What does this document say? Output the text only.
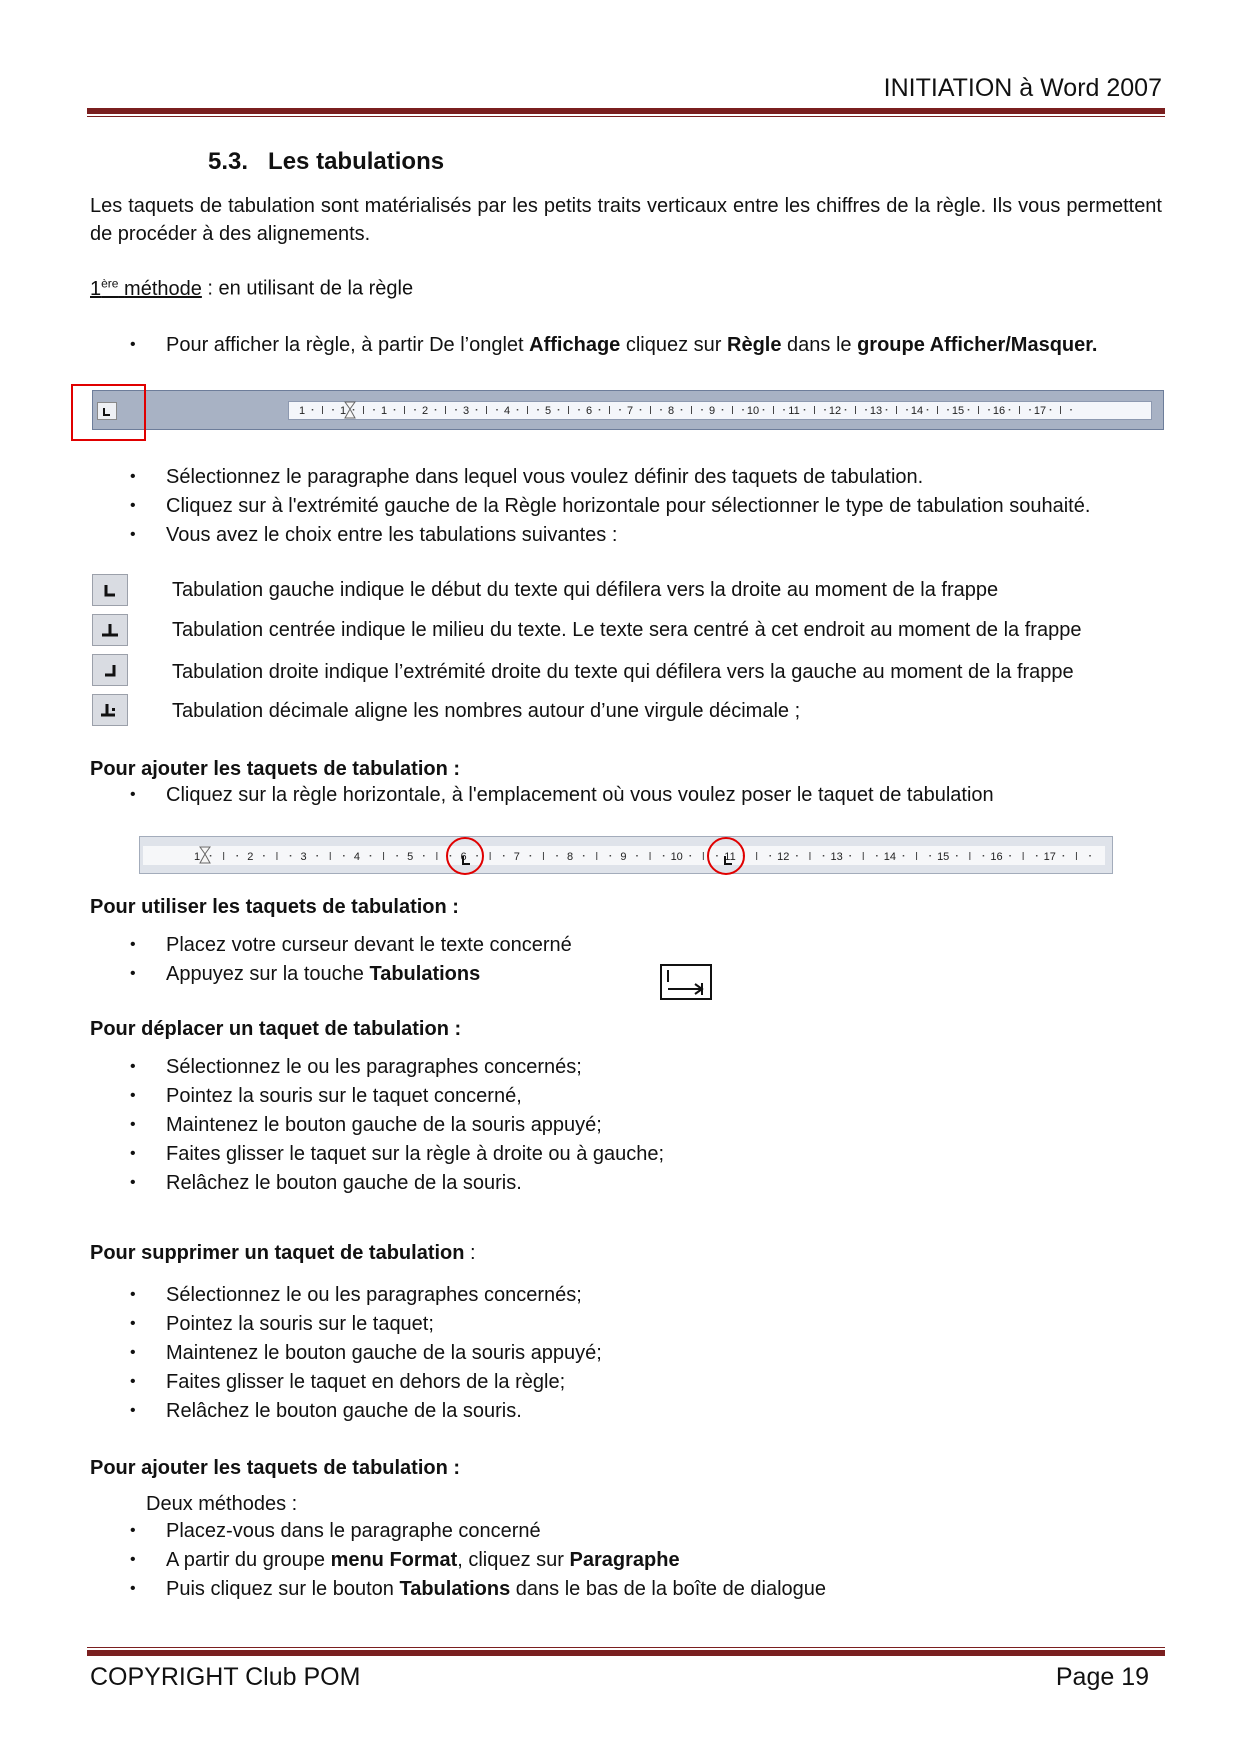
INITIATION à Word 2007
5.3. Les tabulations
Les taquets de tabulation sont matérialisés par les petits traits verticaux entre les chiffres de la règle. Ils vous permettent de procéder à des alignements.
1ère méthode : en utilisant de la règle
• Pour afficher la règle, à partir De l’onglet Affichage cliquez sur Règle dans le groupe Afficher/Masquer.
1	1	1	2	3	4	5	6	7	8	9	10	11	12	13	14	15	16	17
• Sélectionnez le paragraphe dans lequel vous voulez définir des taquets de tabulation.
• Cliquez sur à l'extrémité gauche de la Règle horizontale pour sélectionner le type de tabulation souhaité.
• Vous avez le choix entre les tabulations suivantes :
Tabulation gauche indique le début du texte qui défilera vers la droite au moment de la frappe
Tabulation centrée indique le milieu du texte. Le texte sera centré à cet endroit au moment de la frappe
Tabulation droite indique l’extrémité droite du texte qui défilera vers la gauche au moment de la frappe
Tabulation décimale aligne les nombres autour d’une virgule décimale ;
Pour ajouter les taquets de tabulation :
• Cliquez sur la règle horizontale, à l'emplacement où vous voulez poser le taquet de tabulation
1	2	3	4	5	6	7	8	9	10	11	12	13	14	15	16	17
Pour utiliser les taquets de tabulation :
• Placez votre curseur devant le texte concerné
• Appuyez sur la touche Tabulations
Pour déplacer un taquet de tabulation :
• Sélectionnez le ou les paragraphes concernés;
• Pointez la souris sur le taquet concerné,
• Maintenez le bouton gauche de la souris appuyé;
• Faites glisser le taquet sur la règle à droite ou à gauche;
• Relâchez le bouton gauche de la souris.
Pour supprimer un taquet de tabulation :
• Sélectionnez le ou les paragraphes concernés;
• Pointez la souris sur le taquet;
• Maintenez le bouton gauche de la souris appuyé;
• Faites glisser le taquet en dehors de la règle;
• Relâchez le bouton gauche de la souris.
Pour ajouter les taquets de tabulation :
Deux méthodes :
• Placez-vous dans le paragraphe concerné
• A partir du groupe menu Format, cliquez sur Paragraphe
• Puis cliquez sur le bouton Tabulations dans le bas de la boîte de dialogue
COPYRIGHT Club POM	Page 19
